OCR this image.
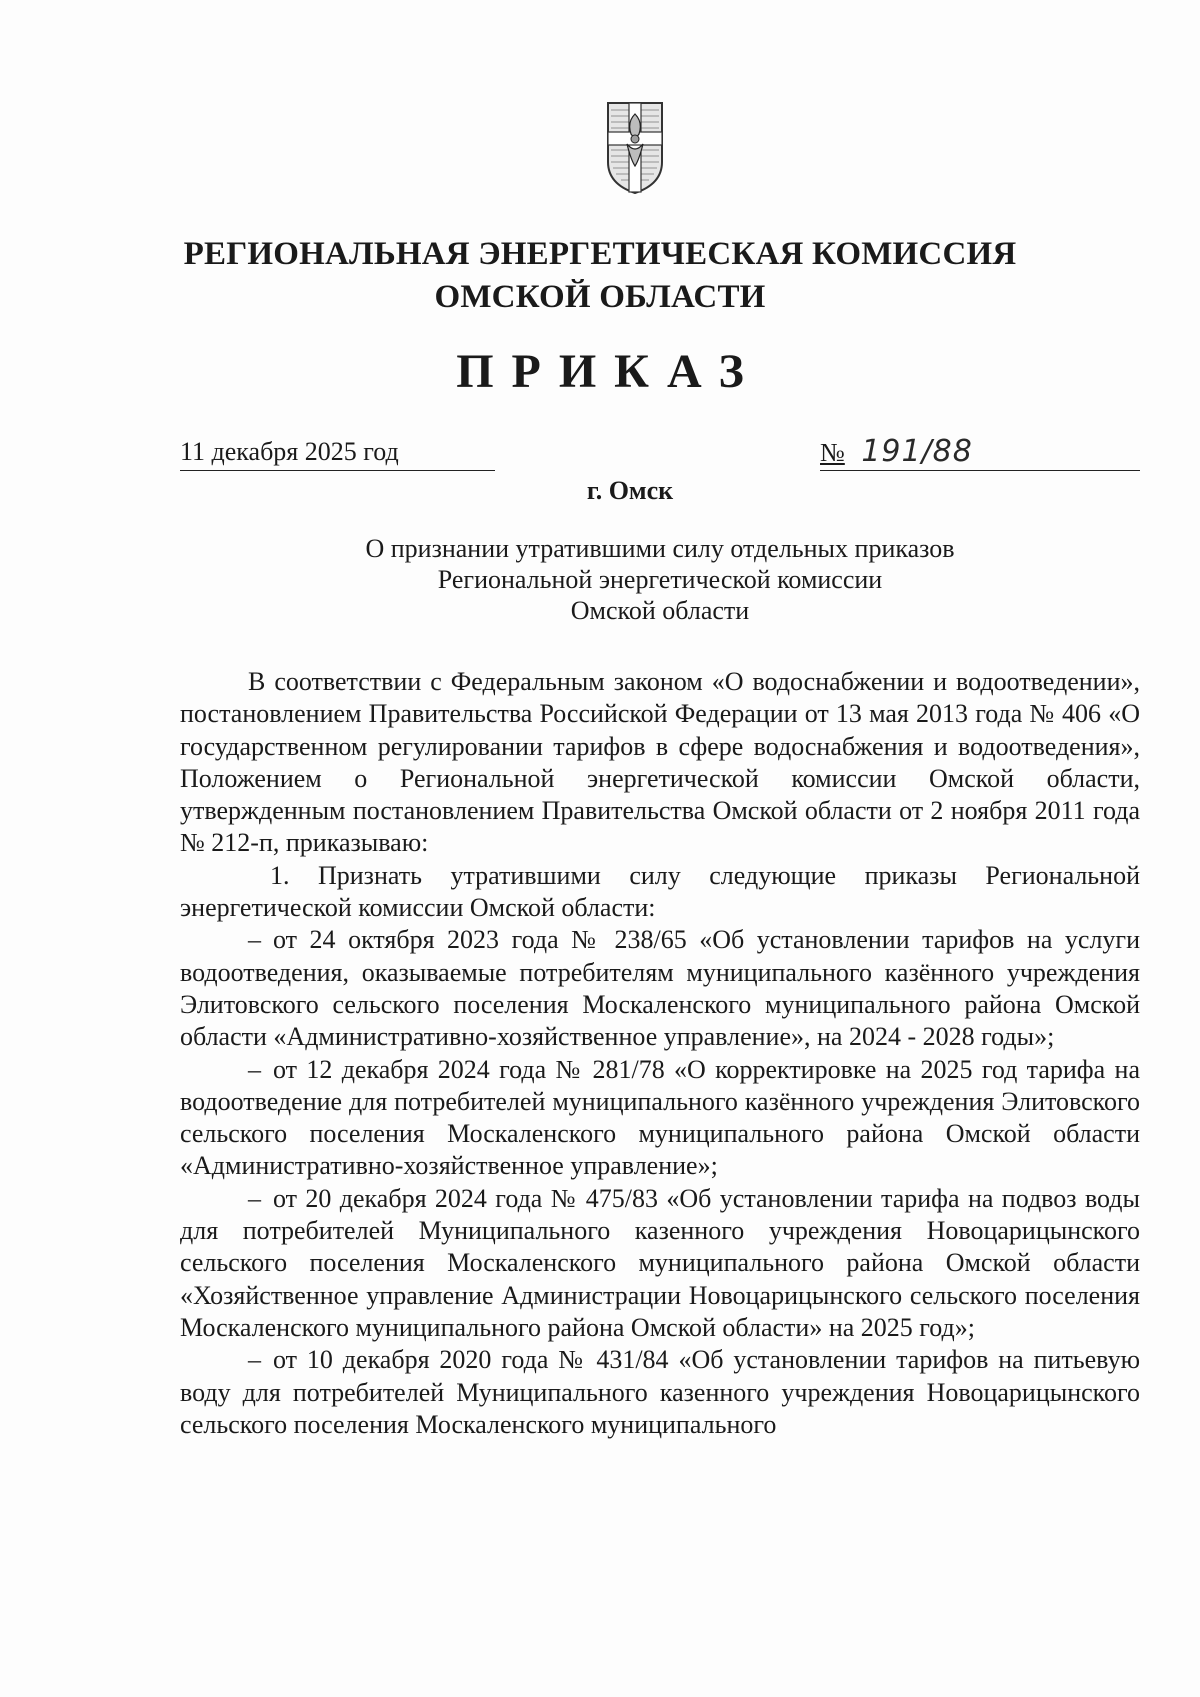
РЕГИОНАЛЬНАЯ ЭНЕРГЕТИЧЕСКАЯ КОМИССИЯ
ОМСКОЙ ОБЛАСТИ
ПРИКАЗ
11 декабря 2025 год	№ 191/88
г. Омск
О признании утратившими силу отдельных приказов
Региональной энергетической комиссии
Омской области

В соответствии с Федеральным законом «О водоснабжении и водоотведении», постановлением Правительства Российской Федерации от 13 мая 2013 года № 406 «О государственном регулировании тарифов в сфере водоснабжения и водоотведения», Положением о Региональной энергетической комиссии Омской области, утвержденным постановлением Правительства Омской области от 2 ноября 2011 года № 212-п, приказываю:

1. Признать утратившими силу следующие приказы Региональной энергетической комиссии Омской области:

– от 24 октября 2023 года № 238/65 «Об установлении тарифов на услуги водоотведения, оказываемые потребителям муниципального казённого учреждения Элитовского сельского поселения Москаленского муниципального района Омской области «Административно-хозяйственное управление», на 2024 - 2028 годы»;

– от 12 декабря 2024 года № 281/78 «О корректировке на 2025 год тарифа на водоотведение для потребителей муниципального казённого учреждения Элитовского сельского поселения Москаленского муниципального района Омской области «Административно-хозяйственное управление»;

– от 20 декабря 2024 года № 475/83 «Об установлении тарифа на подвоз воды для потребителей Муниципального казенного учреждения Новоцарицынского сельского поселения Москаленского муниципального района Омской области «Хозяйственное управление Администрации Новоцарицынского сельского поселения Москаленского муниципального района Омской области» на 2025 год»;

– от 10 декабря 2020 года № 431/84 «Об установлении тарифов на питьевую воду для потребителей Муниципального казенного учреждения Новоцарицынского сельского поселения Москаленского муниципального
